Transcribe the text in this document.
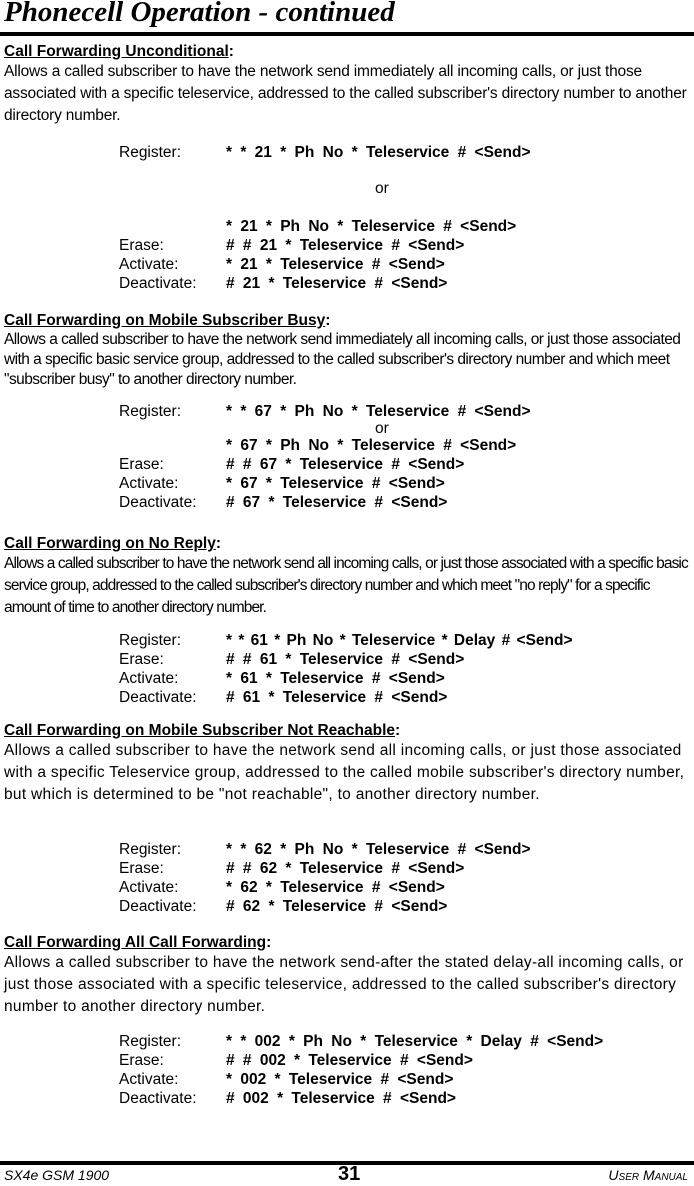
Phonecell Operation - continued

Call Forwarding Unconditional:

Allows a called subscriber to have the network send immediately all incoming calls, or just those associated with a specific teleservice, addressed to the called subscriber's directory number to another directory number.

Register:	* * 21 * Ph No * Teleservice # <Send>
or
* 21 * Ph No * Teleservice # <Send>
Erase:	# # 21 * Teleservice # <Send>
Activate:	* 21 * Teleservice # <Send>
Deactivate:	# 21 * Teleservice # <Send>

Call Forwarding on Mobile Subscriber Busy:

Allows a called subscriber to have the network send immediately all incoming calls, or just those associated with a specific basic service group, addressed to the called subscriber's directory number and which meet "subscriber busy" to another directory number.

Register:	* * 67 * Ph No * Teleservice # <Send>
or
* 67 * Ph No * Teleservice # <Send>
Erase:	# # 67 * Teleservice # <Send>
Activate:	* 67 * Teleservice # <Send>
Deactivate:	# 67 * Teleservice # <Send>

Call Forwarding on No Reply:

Allows a called subscriber to have the network send all incoming calls, or just those associated with a specific basic service group, addressed to the called subscriber's directory number and which meet "no reply" for a specific amount of time to another directory number.

Register:	* * 61 * Ph No * Teleservice * Delay # <Send>
Erase:	# # 61 * Teleservice # <Send>
Activate:	* 61 * Teleservice # <Send>
Deactivate:	# 61 * Teleservice # <Send>

Call Forwarding on Mobile Subscriber Not Reachable:

Allows a called subscriber to have the network send all incoming calls, or just those associated with a specific Teleservice group, addressed to the called mobile subscriber's directory number, but which is determined to be "not reachable", to another directory number.

Register:	* * 62 * Ph No * Teleservice # <Send>
Erase:	# # 62 * Teleservice # <Send>
Activate:	* 62 * Teleservice # <Send>
Deactivate:	# 62 * Teleservice # <Send>

Call Forwarding All Call Forwarding:

Allows a called subscriber to have the network send-after the stated delay-all incoming calls, or just those associated with a specific teleservice, addressed to the called subscriber's directory number to another directory number.

Register:	* * 002 * Ph No * Teleservice * Delay # <Send>
Erase:	# # 002 * Teleservice # <Send>
Activate:	* 002 * Teleservice # <Send>
Deactivate:	# 002 * Teleservice # <Send>
SX4e GSM 1900	31	User Manual
